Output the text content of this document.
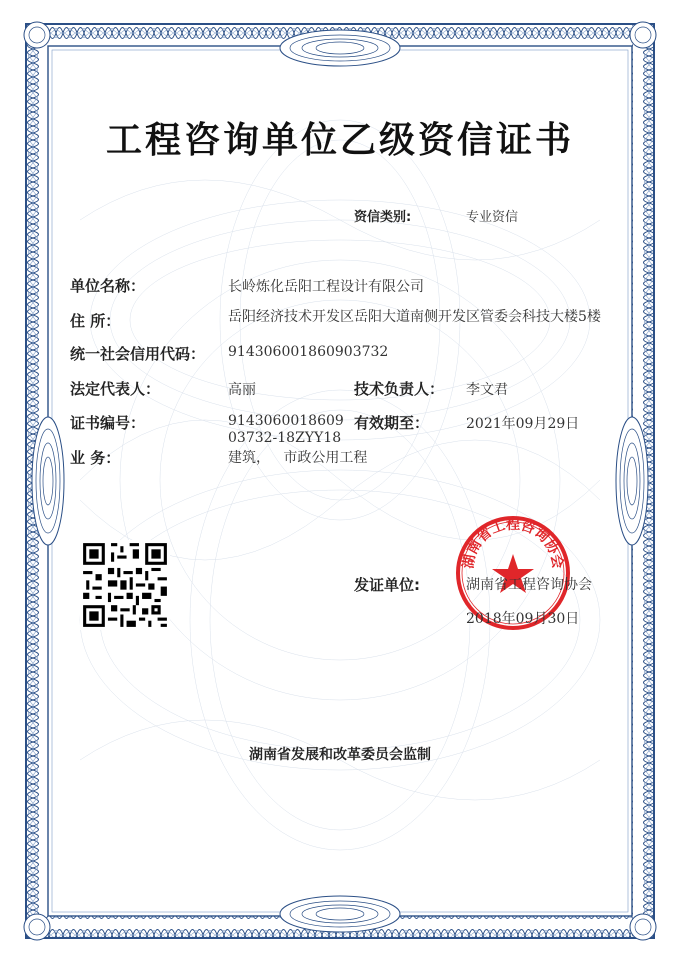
工程咨询单位乙级资信证书
资信类别:	专业资信
单位名称：	长岭炼化岳阳工程设计有限公司
住 所：	岳阳经济技术开发区岳阳大道南侧开发区管委会科技大楼5楼
统一社会信用代码： 914306001860903732
法定代表人：	高丽	技术负责人： 李文君
证书编号：	914306001860903732-18ZYY18
有效期至：	2021年09月29日
业 务：	建筑，   市政公用工程
发证单位:
湖南省工程咨询协会
湖南省工程咨询协会
2018年09月30日
湖南省发展和改革委员会监制
